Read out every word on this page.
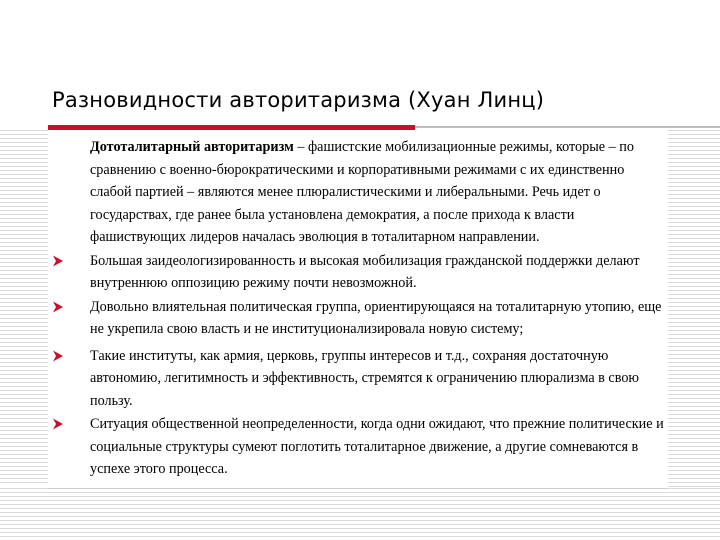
Разновидности авторитаризма (Хуан Линц)

Дототалитарный авторитаризм – фашистские мобилизационные режимы, которые – по сравнению с военно-бюрократическими и корпоративными режимами с их единственно слабой партией – являются менее плюралистическими и либеральными. Речь идет о государствах, где ранее была установлена демократия, а после прихода к власти фашиствующих лидеров началась эволюция в тоталитарном направлении.

Большая заидеологизированность и высокая мобилизация гражданской поддержки делают внутреннюю оппозицию режиму почти невозможной.
Довольно влиятельная политическая группа, ориентирующаяся на тоталитарную утопию, еще не укрепила свою власть и не институционализировала новую систему;
Такие институты, как армия, церковь, группы интересов и т.д., сохраняя достаточную автономию, легитимность и эффективность, стремятся к ограничению плюрализма в свою пользу.
Ситуация общественной неопределенности, когда одни ожидают, что прежние политические и социальные структуры сумеют поглотить тоталитарное движение, а другие сомневаются в успехе этого процесса.
